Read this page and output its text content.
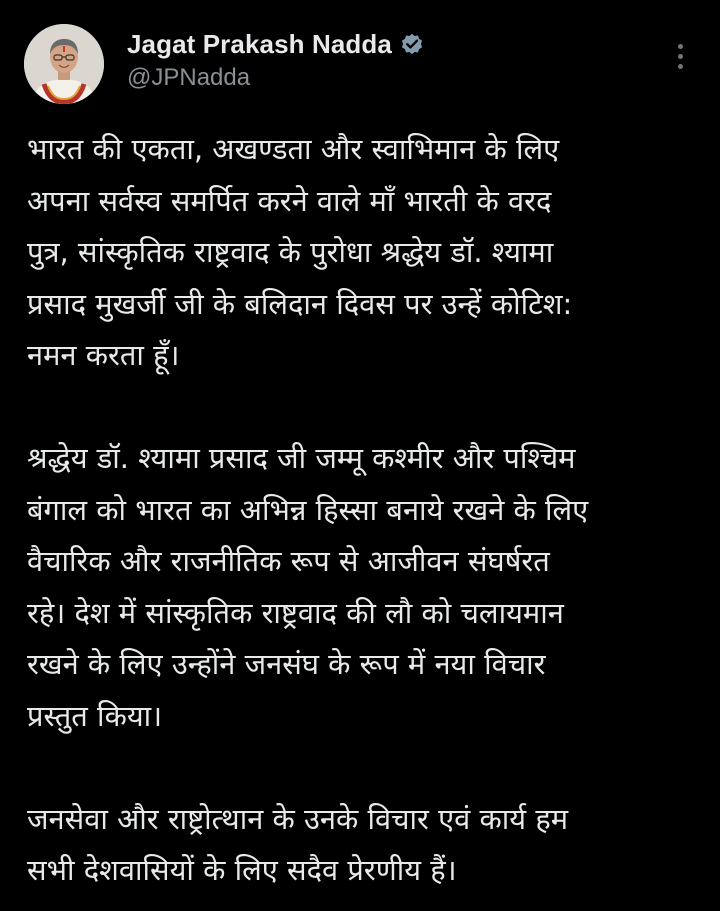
Jagat Prakash Nadda
@JPNadda

भारत की एकता, अखण्डता और स्वाभिमान के लिए

अपना सर्वस्व समर्पित करने वाले माँ भारती के वरद

पुत्र, सांस्कृतिक राष्ट्रवाद के पुरोधा श्रद्धेय डॉ. श्यामा

प्रसाद मुखर्जी जी के बलिदान दिवस पर उन्हें कोटिश:

नमन करता हूँ।

श्रद्धेय डॉ. श्यामा प्रसाद जी जम्मू कश्मीर और पश्चिम

बंगाल को भारत का अभिन्न हिस्सा बनाये रखने के लिए

वैचारिक और राजनीतिक रूप से आजीवन संघर्षरत

रहे। देश में सांस्कृतिक राष्ट्रवाद की लौ को चलायमान

रखने के लिए उन्होंने जनसंघ के रूप में नया विचार

प्रस्तुत किया।

जनसेवा और राष्ट्रोत्थान के उनके विचार एवं कार्य हम

सभी देशवासियों के लिए सदैव प्रेरणीय हैं।
